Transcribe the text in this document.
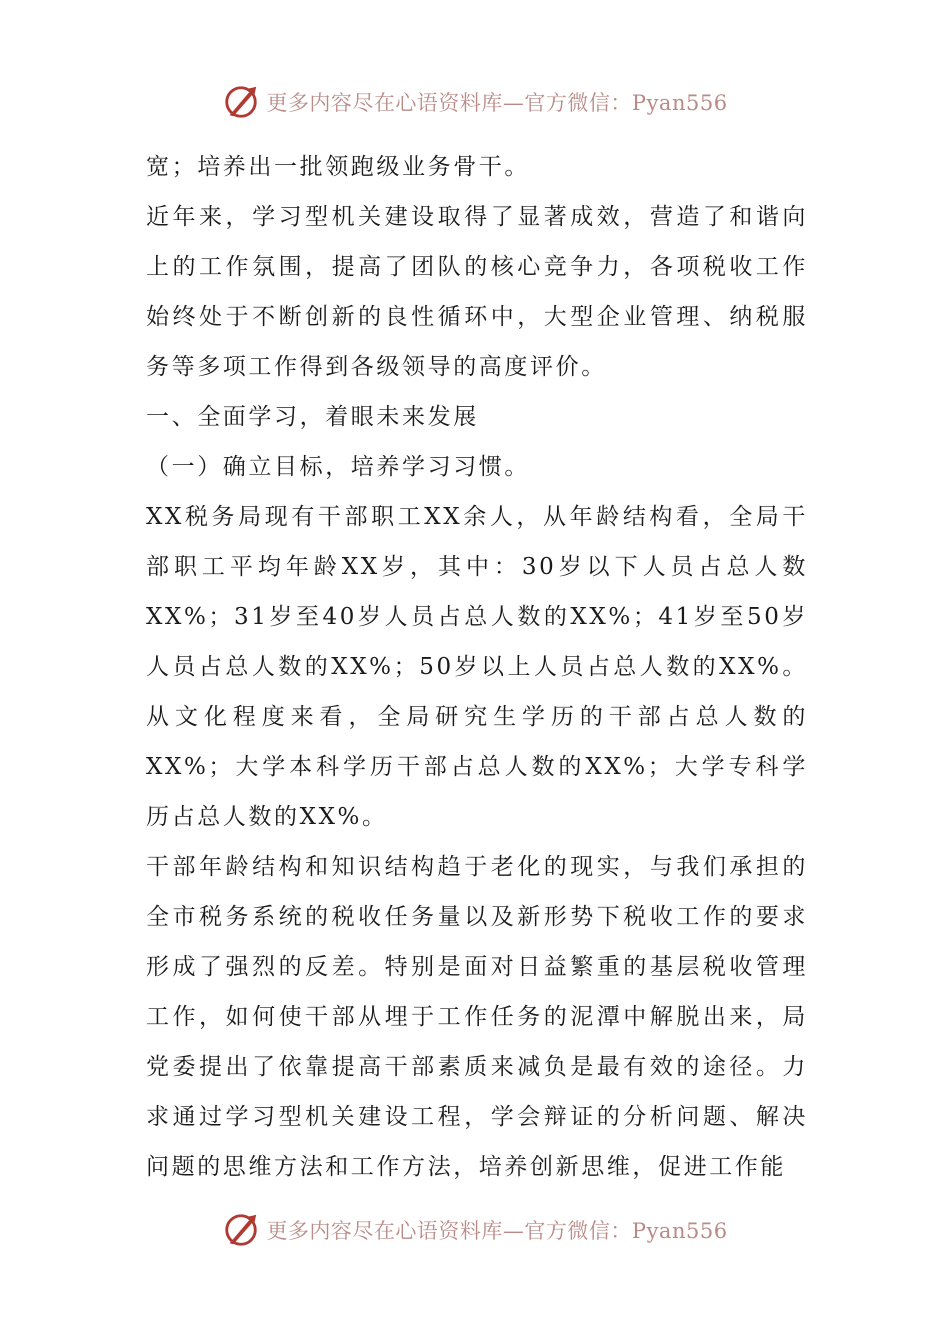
更多内容尽在心语资料库—官方微信：Pyan556

宽；培养出一批领跑级业务骨干。

近年来，学习型机关建设取得了显著成效，营造了和谐向上的工作氛围，提高了团队的核心竞争力，各项税收工作始终处于不断创新的良性循环中，大型企业管理、纳税服务等多项工作得到各级领导的高度评价。

一、全面学习，着眼未来发展

（一）确立目标，培养学习习惯。

XX税务局现有干部职工XX余人，从年龄结构看，全局干部职工平均年龄XX岁，其中：30岁以下人员占总人数XX%；31岁至40岁人员占总人数的XX%；41岁至50岁人员占总人数的XX%；50岁以上人员占总人数的XX%。从文化程度来看，全局研究生学历的干部占总人数的XX%；大学本科学历干部占总人数的XX%；大学专科学历占总人数的XX%。

干部年龄结构和知识结构趋于老化的现实，与我们承担的全市税务系统的税收任务量以及新形势下税收工作的要求形成了强烈的反差。特别是面对日益繁重的基层税收管理工作，如何使干部从埋于工作任务的泥潭中解脱出来，局党委提出了依靠提高干部素质来减负是最有效的途径。力求通过学习型机关建设工程，学会辩证的分析问题、解决问题的思维方法和工作方法，培养创新思维，促进工作能

更多内容尽在心语资料库—官方微信：Pyan556
